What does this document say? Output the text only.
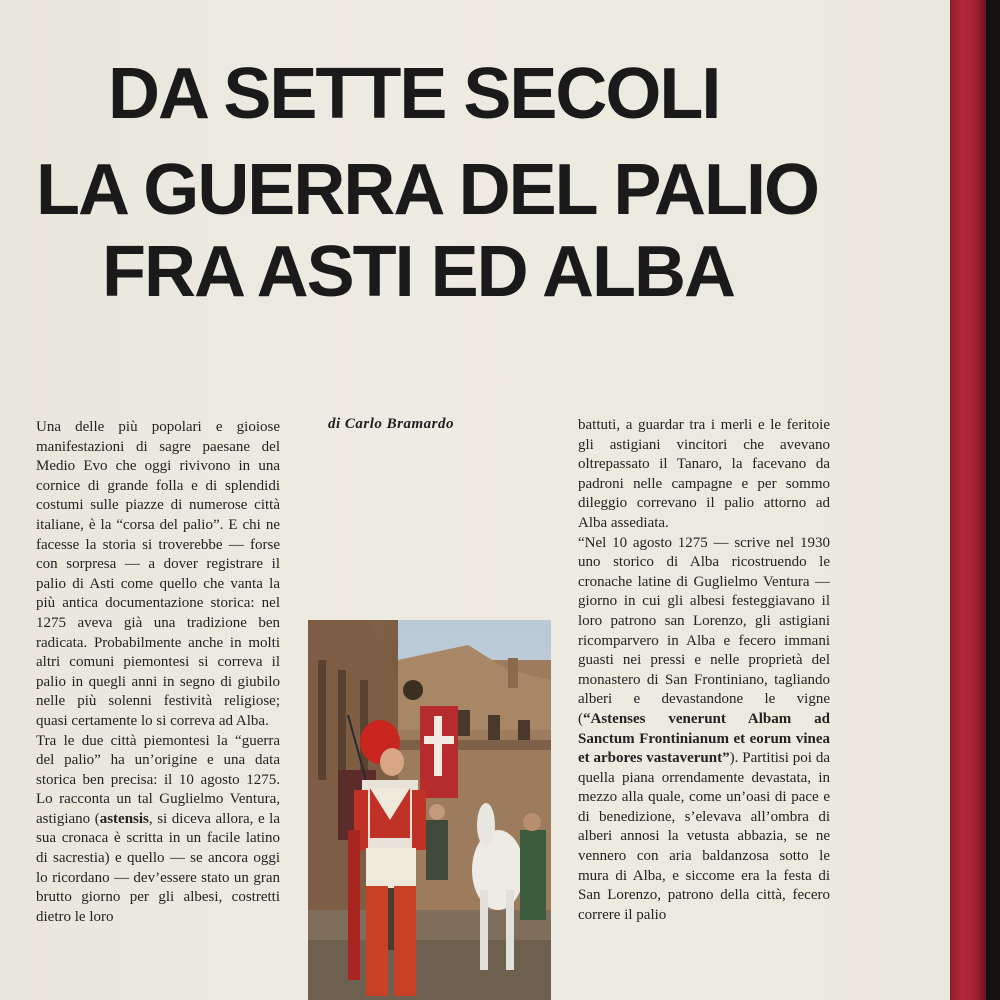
DA SETTE SECOLI
LA GUERRA DEL PALIO
FRA ASTI ED ALBA

Una delle più popolari e gioiose manifestazioni di sagre paesane del Medio Evo che oggi rivivono in una cornice di grande folla e di splendidi costumi sulle piazze di numerose città italiane, è la “corsa del palio”. E chi ne facesse la storia si troverebbe — forse con sorpresa — a dover registrare il palio di Asti come quello che vanta la più antica documentazione storica: nel 1275 aveva già una tradizione ben radicata. Probabilmente anche in molti altri comuni piemontesi si correva il palio in quegli anni in segno di giubilo nelle più solenni festività religiose; quasi certamente lo si correva ad Alba.

Tra le due città piemontesi la “guerra del palio” ha un’origine e una data storica ben precisa: il 10 agosto 1275. Lo racconta un tal Guglielmo Ventura, astigiano (astensis, si diceva allora, e la sua cronaca è scritta in un facile latino di sacrestia) e quello — se ancora oggi lo ricordano — dev’essere stato un gran brutto giorno per gli albesi, costretti dietro le loro

di Carlo Bramardo	battuti, a guardar tra i merli e le feritoie gli astigiani vincitori che avevano oltrepassato il Tanaro, la facevano da padroni nelle campagne e per sommo dileggio correvano il palio attorno ad Alba assediata.

“Nel 10 agosto 1275 — scrive nel 1930 uno storico di Alba ricostruendo le cronache latine di Guglielmo Ventura — giorno in cui gli albesi festeggiavano il loro patrono san Lorenzo, gli astigiani ricomparvero in Alba e fecero immani guasti nei pressi e nelle proprietà del monastero di San Frontiniano, tagliando alberi e devastandone le vigne (“Astenses venerunt Albam ad Sanctum Frontinianum et eorum vinea et arbores vastaverunt”). Partitisi poi da quella piana orrendamente devastata, in mezzo alla quale, come un’oasi di pace e di benedizione, s’elevava all’ombra di alberi annosi la vetusta abbazia, se ne vennero con aria baldanzosa sotto le mura di Alba, e siccome era la festa di San Lorenzo, patrono della città, fecero correre il palio
